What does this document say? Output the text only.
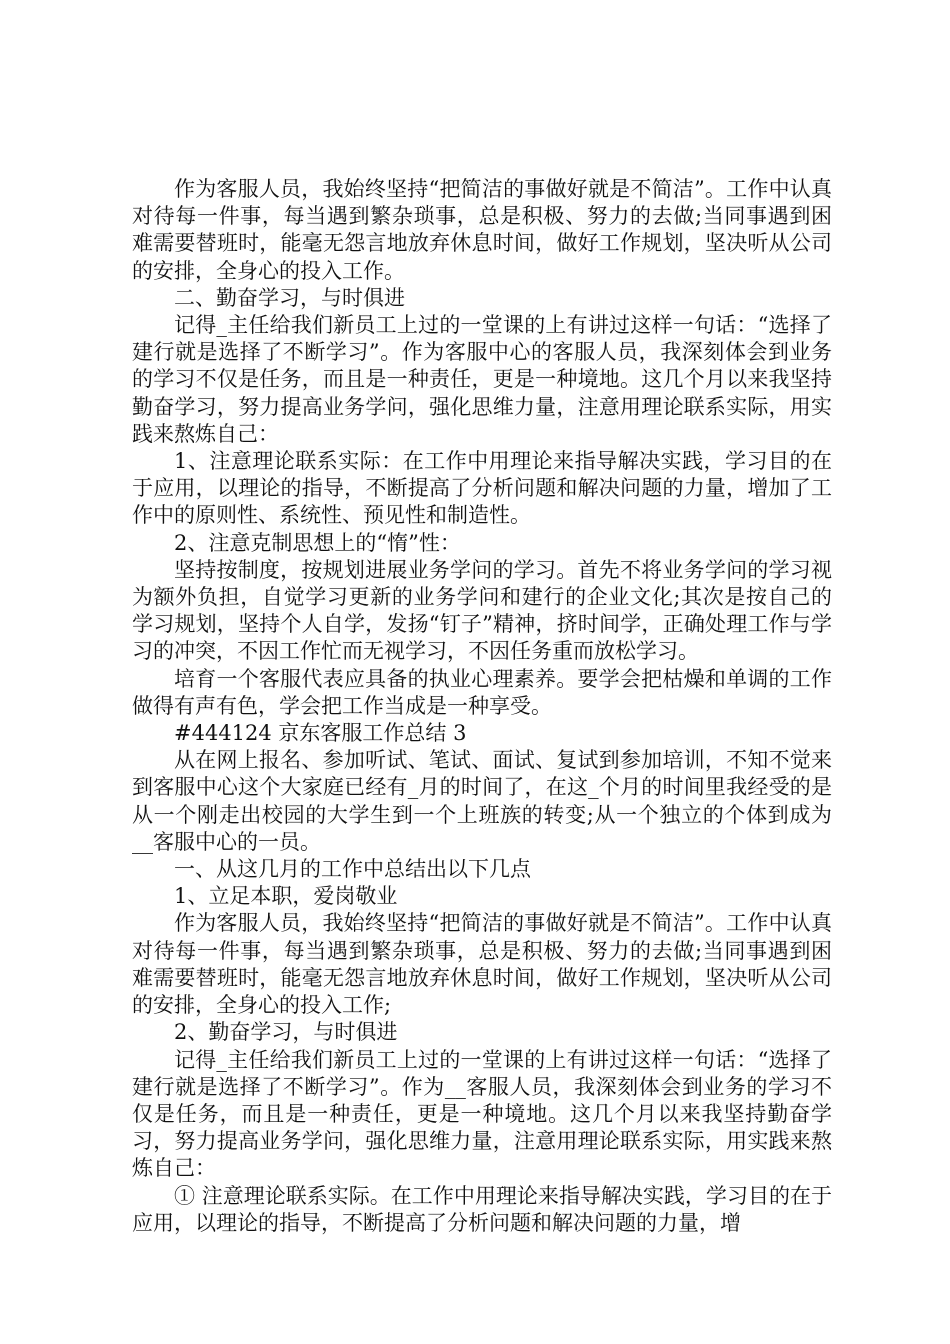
作为客服人员，我始终坚持“把简洁的事做好就是不简洁”。工作中认真对待每一件事，每当遇到繁杂琐事，总是积极、努力的去做;当同事遇到困难需要替班时，能毫无怨言地放弃休息时间，做好工作规划，坚决听从公司的安排，全身心的投入工作。

二、勤奋学习，与时俱进

记得_主任给我们新员工上过的一堂课的上有讲过这样一句话：“选择了建行就是选择了不断学习”。作为客服中心的客服人员，我深刻体会到业务的学习不仅是任务，而且是一种责任，更是一种境地。这几个月以来我坚持勤奋学习，努力提高业务学问，强化思维力量，注意用理论联系实际，用实践来熬炼自己：

1、注意理论联系实际：在工作中用理论来指导解决实践，学习目的在于应用，以理论的指导，不断提高了分析问题和解决问题的力量，增加了工作中的原则性、系统性、预见性和制造性。

2、注意克制思想上的“惰”性：

坚持按制度，按规划进展业务学问的学习。首先不将业务学问的学习视为额外负担，自觉学习更新的业务学问和建行的企业文化;其次是按自己的学习规划，坚持个人自学，发扬“钉子”精神，挤时间学，正确处理工作与学习的冲突，不因工作忙而无视学习，不因任务重而放松学习。

培育一个客服代表应具备的执业心理素养。要学会把枯燥和单调的工作做得有声有色，学会把工作当成是一种享受。

#444124 京东客服工作总结 3

从在网上报名、参加听试、笔试、面试、复试到参加培训，不知不觉来到客服中心这个大家庭已经有_月的时间了，在这_个月的时间里我经受的是从一个刚走出校园的大学生到一个上班族的转变;从一个独立的个体到成为__客服中心的一员。

一、从这几月的工作中总结出以下几点

1、立足本职，爱岗敬业

作为客服人员，我始终坚持“把简洁的事做好就是不简洁”。工作中认真对待每一件事，每当遇到繁杂琐事，总是积极、努力的去做;当同事遇到困难需要替班时，能毫无怨言地放弃休息时间，做好工作规划，坚决听从公司的安排，全身心的投入工作;

2、勤奋学习，与时俱进

记得_主任给我们新员工上过的一堂课的上有讲过这样一句话：“选择了建行就是选择了不断学习”。作为__客服人员，我深刻体会到业务的学习不仅是任务，而且是一种责任，更是一种境地。这几个月以来我坚持勤奋学习，努力提高业务学问，强化思维力量，注意用理论联系实际，用实践来熬炼自己：

① 注意理论联系实际。在工作中用理论来指导解决实践，学习目的在于应用，以理论的指导，不断提高了分析问题和解决问题的力量，增
